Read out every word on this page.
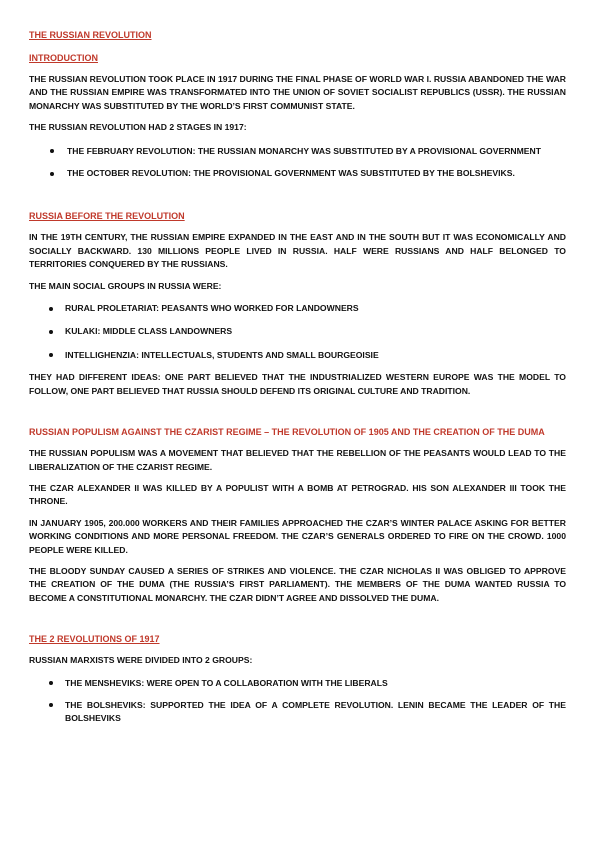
THE RUSSIAN REVOLUTION

INTRODUCTION

THE RUSSIAN REVOLUTION TOOK PLACE IN 1917 DURING THE FINAL PHASE OF WORLD WAR I. RUSSIA ABANDONED THE WAR AND THE RUSSIAN EMPIRE WAS TRANSFORMATED INTO THE UNION OF SOVIET SOCIALIST REPUBLICS (USSR). THE RUSSIAN MONARCHY WAS SUBSTITUTED BY THE WORLD’S FIRST COMMUNIST STATE.

THE RUSSIAN REVOLUTION HAD 2 STAGES IN 1917:

THE FEBRUARY REVOLUTION: THE RUSSIAN MONARCHY WAS SUBSTITUTED BY A PROVISIONAL GOVERNMENT
THE OCTOBER REVOLUTION: THE PROVISIONAL GOVERNMENT WAS SUBSTITUTED BY THE BOLSHEVIKS.

RUSSIA BEFORE THE REVOLUTION

IN THE 19TH CENTURY, THE RUSSIAN EMPIRE EXPANDED IN THE EAST AND IN THE SOUTH BUT IT WAS ECONOMICALLY AND SOCIALLY BACKWARD. 130 MILLIONS PEOPLE LIVED IN RUSSIA. HALF WERE RUSSIANS AND HALF BELONGED TO TERRITORIES CONQUERED BY THE RUSSIANS.

THE MAIN SOCIAL GROUPS IN RUSSIA WERE:

RURAL PROLETARIAT: PEASANTS WHO WORKED FOR LANDOWNERS
KULAKI: MIDDLE CLASS LANDOWNERS
INTELLIGHENZIA: INTELLECTUALS, STUDENTS AND SMALL BOURGEOISIE

THEY HAD DIFFERENT IDEAS: ONE PART BELIEVED THAT THE INDUSTRIALIZED WESTERN EUROPE WAS THE MODEL TO FOLLOW, ONE PART BELIEVED THAT RUSSIA SHOULD DEFEND ITS ORIGINAL CULTURE AND TRADITION.

RUSSIAN POPULISM AGAINST THE CZARIST REGIME – THE REVOLUTION OF 1905 AND THE CREATION OF THE DUMA

THE RUSSIAN POPULISM WAS A MOVEMENT THAT BELIEVED THAT THE REBELLION OF THE PEASANTS WOULD LEAD TO THE LIBERALIZATION OF THE CZARIST REGIME.

THE CZAR ALEXANDER II WAS KILLED BY A POPULIST WITH A BOMB AT PETROGRAD. HIS SON ALEXANDER III TOOK THE THRONE.

IN JANUARY 1905, 200.000 WORKERS AND THEIR FAMILIES APPROACHED THE CZAR’S WINTER PALACE ASKING FOR BETTER WORKING CONDITIONS AND MORE PERSONAL FREEDOM. THE CZAR’S GENERALS ORDERED TO FIRE ON THE CROWD. 1000 PEOPLE WERE KILLED.

THE BLOODY SUNDAY CAUSED A SERIES OF STRIKES AND VIOLENCE. THE CZAR NICHOLAS II WAS OBLIGED TO APPROVE THE CREATION OF THE DUMA (THE RUSSIA’S FIRST PARLIAMENT). THE MEMBERS OF THE DUMA WANTED RUSSIA TO BECOME A CONSTITUTIONAL MONARCHY. THE CZAR DIDN’T AGREE AND DISSOLVED THE DUMA.

THE 2 REVOLUTIONS OF 1917

RUSSIAN MARXISTS WERE DIVIDED INTO 2 GROUPS:

THE MENSHEVIKS: WERE OPEN TO A COLLABORATION WITH THE LIBERALS
THE BOLSHEVIKS: SUPPORTED THE IDEA OF A COMPLETE REVOLUTION. LENIN BECAME THE LEADER OF THE BOLSHEVIKS
